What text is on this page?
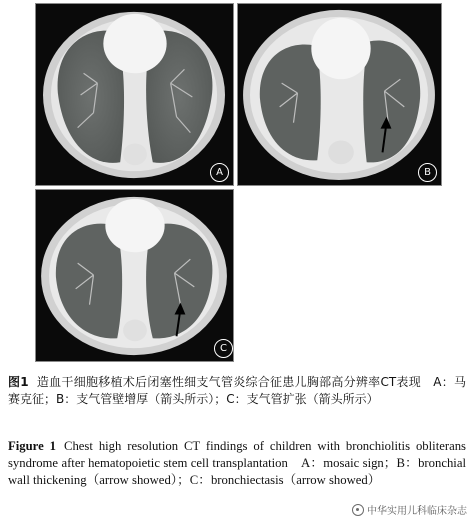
A	B
C
图1 造血干细胞移植术后闭塞性细支气管炎综合征患儿胸部高分辨率CT表现　A：马赛克征；B：支气管壁增厚（箭头所示）；C：支气管扩张（箭头所示）
Figure 1 Chest high resolution CT findings of children with bronchiolitis obliterans syndrome after hematopoietic stem cell transplantation　A：mosaic sign；B：bronchial wall thickening（arrow showed）；C：bronchiectasis（arrow showed）
中华实用儿科临床杂志
